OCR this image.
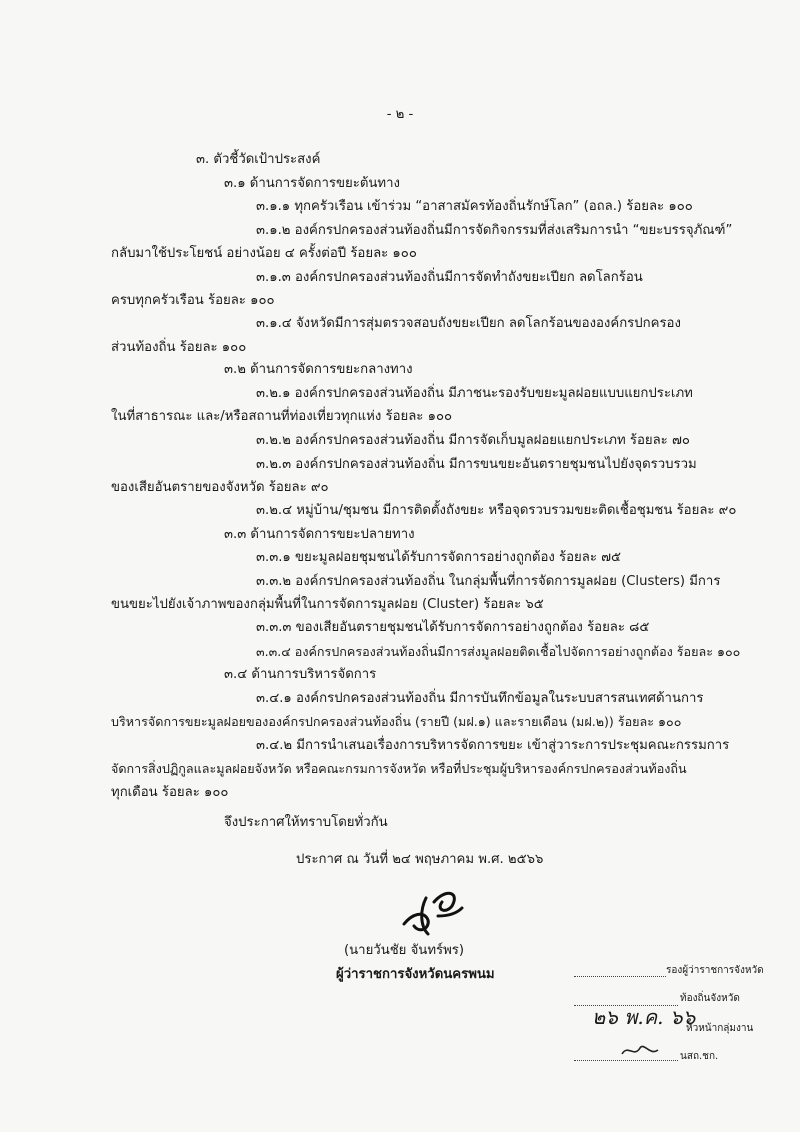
- ๒ -
๓. ตัวชี้วัดเป้าประสงค์
๓.๑ ด้านการจัดการขยะต้นทาง
๓.๑.๑ ทุกครัวเรือน เข้าร่วม “อาสาสมัครท้องถิ่นรักษ์โลก” (อถล.) ร้อยละ ๑๐๐
๓.๑.๒ องค์กรปกครองส่วนท้องถิ่นมีการจัดกิจกรรมที่ส่งเสริมการนำ “ขยะบรรจุภัณฑ์”
กลับมาใช้ประโยชน์ อย่างน้อย ๔ ครั้งต่อปี ร้อยละ ๑๐๐
๓.๑.๓ องค์กรปกครองส่วนท้องถิ่นมีการจัดทำถังขยะเปียก ลดโลกร้อน
ครบทุกครัวเรือน ร้อยละ ๑๐๐
๓.๑.๔ จังหวัดมีการสุ่มตรวจสอบถังขยะเปียก ลดโลกร้อนขององค์กรปกครอง
ส่วนท้องถิ่น ร้อยละ ๑๐๐
๓.๒ ด้านการจัดการขยะกลางทาง
๓.๒.๑ องค์กรปกครองส่วนท้องถิ่น มีภาชนะรองรับขยะมูลฝอยแบบแยกประเภท
ในที่สาธารณะ และ/หรือสถานที่ท่องเที่ยวทุกแห่ง ร้อยละ ๑๐๐
๓.๒.๒ องค์กรปกครองส่วนท้องถิ่น มีการจัดเก็บมูลฝอยแยกประเภท ร้อยละ ๗๐
๓.๒.๓ องค์กรปกครองส่วนท้องถิ่น มีการขนขยะอันตรายชุมชนไปยังจุดรวบรวม
ของเสียอันตรายของจังหวัด ร้อยละ ๙๐
๓.๒.๔ หมู่บ้าน/ชุมชน มีการติดตั้งถังขยะ หรือจุดรวบรวมขยะติดเชื้อชุมชน ร้อยละ ๙๐
๓.๓ ด้านการจัดการขยะปลายทาง
๓.๓.๑ ขยะมูลฝอยชุมชนได้รับการจัดการอย่างถูกต้อง ร้อยละ ๗๕
๓.๓.๒ องค์กรปกครองส่วนท้องถิ่น ในกลุ่มพื้นที่การจัดการมูลฝอย (Clusters) มีการ
ขนขยะไปยังเจ้าภาพของกลุ่มพื้นที่ในการจัดการมูลฝอย (Cluster) ร้อยละ ๖๕
๓.๓.๓ ของเสียอันตรายชุมชนได้รับการจัดการอย่างถูกต้อง ร้อยละ ๘๕
๓.๓.๔ องค์กรปกครองส่วนท้องถิ่นมีการส่งมูลฝอยติดเชื้อไปจัดการอย่างถูกต้อง ร้อยละ ๑๐๐
๓.๔ ด้านการบริหารจัดการ
๓.๔.๑ องค์กรปกครองส่วนท้องถิ่น มีการบันทึกข้อมูลในระบบสารสนเทศด้านการ
บริหารจัดการขยะมูลฝอยขององค์กรปกครองส่วนท้องถิ่น (รายปี (มฝ.๑) และรายเดือน (มฝ.๒)) ร้อยละ ๑๐๐
๓.๔.๒ มีการนำเสนอเรื่องการบริหารจัดการขยะ เข้าสู่วาระการประชุมคณะกรรมการ
จัดการสิ่งปฏิกูลและมูลฝอยจังหวัด หรือคณะกรมการจังหวัด หรือที่ประชุมผู้บริหารองค์กรปกครองส่วนท้องถิ่น
ทุกเดือน ร้อยละ ๑๐๐
จึงประกาศให้ทราบโดยทั่วกัน
ประกาศ ณ วันที่ ๒๔ พฤษภาคม พ.ศ. ๒๕๖๖
(นายวันชัย จันทร์พร)
ผู้ว่าราชการจังหวัดนครพนม	รองผู้ว่าราชการจังหวัด
ท้องถิ่นจังหวัด
๒๖ พ.ค. ๖๖
หัวหน้ากลุ่มงาน
นสถ.ชก.
